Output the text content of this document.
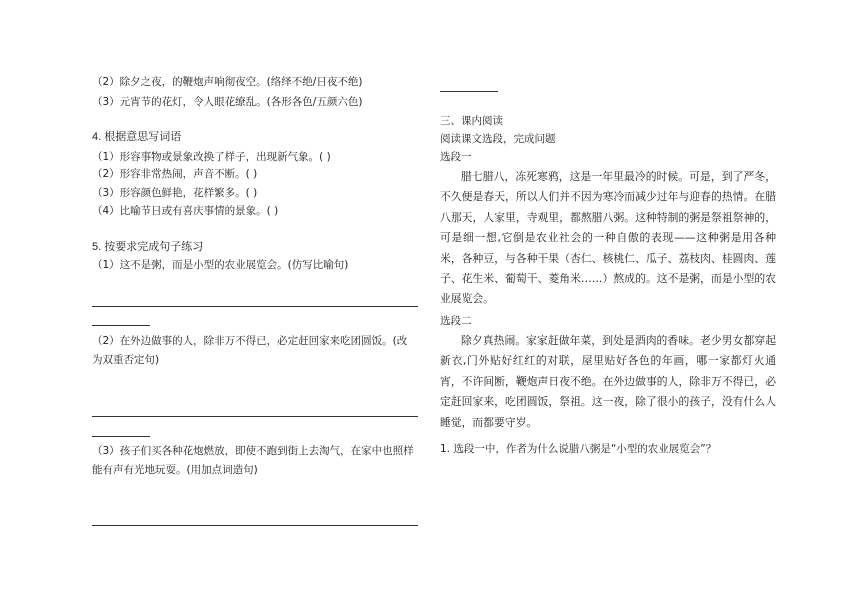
（2）除夕之夜，的鞭炮声响彻夜空。(络绎不绝/日夜不绝)
（3）元宵节的花灯，令人眼花缭乱。(各形各色/五颜六色)
4. 根据意思写词语
（1）形容事物或景象改换了样子，出现新气象。( )
（2）形容非常热闹，声音不断。( )
（3）形容颜色鲜艳，花样繁多。( )
（4）比喻节日或有喜庆事情的景象。( )
5. 按要求完成句子练习
（1）这不是粥，而是小型的农业展览会。(仿写比喻句)
（2）在外边做事的人，除非万不得已，必定赶回家来吃团圆饭。(改为双重否定句)
（3）孩子们买各种花炮燃放，即使不跑到街上去淘气，在家中也照样能有声有光地玩耍。(用加点词造句)
三、课内阅读
阅读课文选段，完成问题
选段一
腊七腊八，冻死寒鸦，这是一年里最冷的时候。可是，到了严冬，不久便是春天，所以人们并不因为寒冷而减少过年与迎春的热情。在腊八那天，人家里，寺观里，都熬腊八粥。这种特制的粥是祭祖祭神的，可是细一想,它倒是农业社会的一种自傲的表现——这种粥是用各种米，各种豆，与各种干果（杏仁、核桃仁、瓜子、荔枝肉、桂圆肉、莲子、花生米、葡萄干、菱角米……）熬成的。这不是粥，而是小型的农业展览会。
选段二
除夕真热闹。家家赶做年菜，到处是酒肉的香味。老少男女都穿起新衣,门外贴好红红的对联，屋里贴好各色的年画，哪一家都灯火通宵，不许间断，鞭炮声日夜不绝。在外边做事的人，除非万不得已，必定赶回家来，吃团圆饭，祭祖。这一夜，除了很小的孩子，没有什么人睡觉，而都要守岁。
1. 选段一中，作者为什么说腊八粥是“小型的农业展览会”？
